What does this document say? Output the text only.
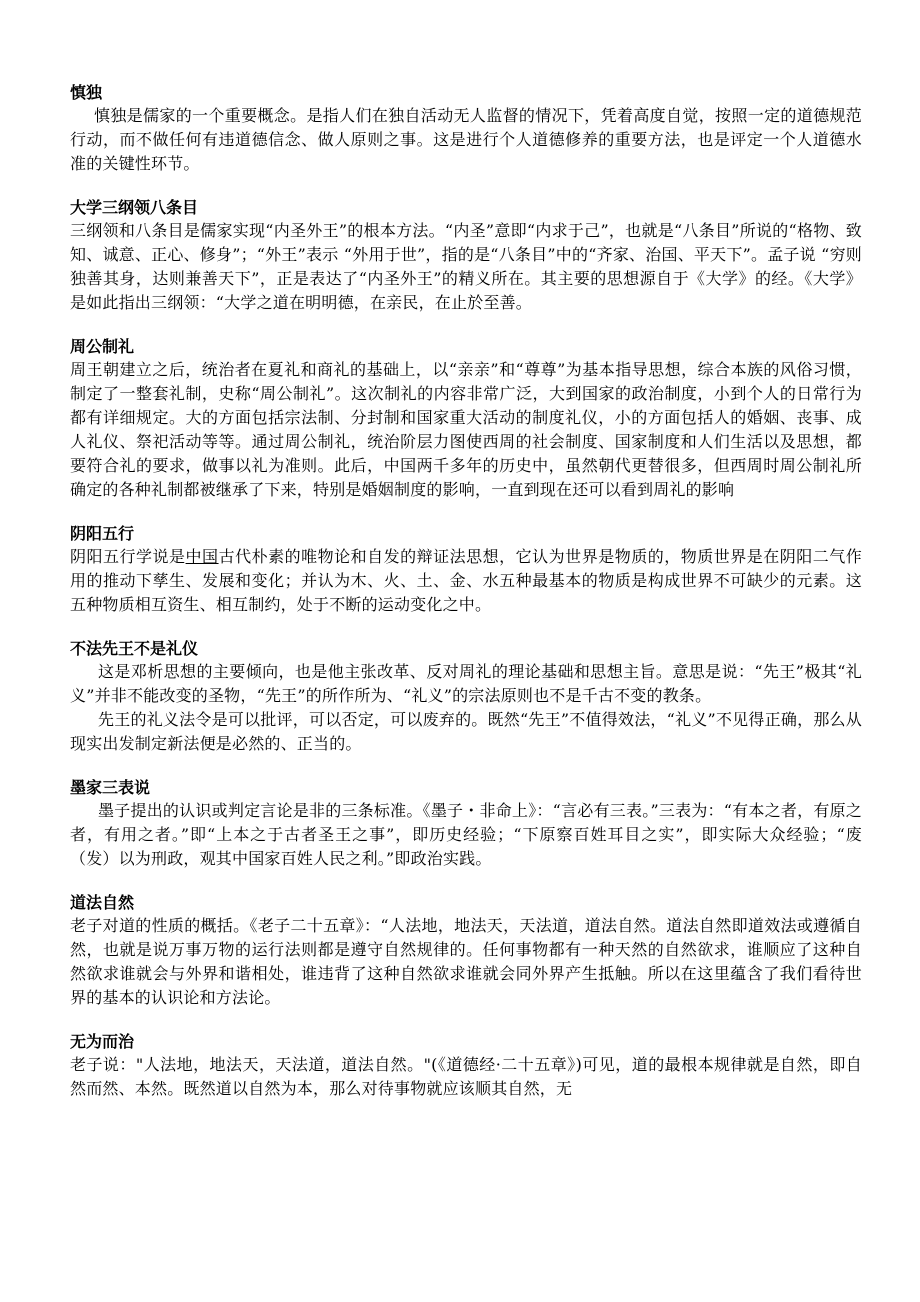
慎独

慎独是儒家的一个重要概念。是指人们在独自活动无人监督的情况下，凭着高度自觉，按照一定的道德规范行动，而不做任何有违道德信念、做人原则之事。这是进行个人道德修养的重要方法，也是评定一个人道德水准的关键性环节。

大学三纲领八条目

三纲领和八条目是儒家实现“内圣外王”的根本方法。“内圣”意即“内求于己”，也就是“八条目”所说的“格物、致知、诚意、正心、修身”；“外王”表示 “外用于世”，指的是“八条目”中的“齐家、治国、平天下”。孟子说 “穷则独善其身，达则兼善天下”，正是表达了“内圣外王”的精义所在。其主要的思想源自于《大学》的经。《大学》是如此指出三纲领：“大学之道在明明德，在亲民，在止於至善。

周公制礼

周王朝建立之后，统治者在夏礼和商礼的基础上，以“亲亲”和“尊尊”为基本指导思想，综合本族的风俗习惯，制定了一整套礼制，史称“周公制礼”。这次制礼的内容非常广泛，大到国家的政治制度，小到个人的日常行为都有详细规定。大的方面包括宗法制、分封制和国家重大活动的制度礼仪，小的方面包括人的婚姻、丧事、成人礼仪、祭祀活动等等。通过周公制礼，统治阶层力图使西周的社会制度、国家制度和人们生活以及思想，都要符合礼的要求，做事以礼为准则。此后，中国两千多年的历史中，虽然朝代更替很多，但西周时周公制礼所确定的各种礼制都被继承了下来，特别是婚姻制度的影响，一直到现在还可以看到周礼的影响

阴阳五行

阴阳五行学说是中国古代朴素的唯物论和自发的辩证法思想，它认为世界是物质的，物质世界是在阴阳二气作用的推动下孳生、发展和变化；并认为木、火、土、金、水五种最基本的物质是构成世界不可缺少的元素。这五种物质相互资生、相互制约，处于不断的运动变化之中。

不法先王不是礼仪

这是邓析思想的主要倾向，也是他主张改革、反对周礼的理论基础和思想主旨。意思是说：“先王”极其“礼义”并非不能改变的圣物，“先王”的所作所为、“礼义”的宗法原则也不是千古不变的教条。

先王的礼义法令是可以批评，可以否定，可以废弃的。既然“先王”不值得效法，“礼义”不见得正确，那么从现实出发制定新法便是必然的、正当的。

墨家三表说

墨子提出的认识或判定言论是非的三条标准。《墨子・非命上》：“言必有三表。”三表为：“有本之者，有原之者，有用之者。”即“上本之于古者圣王之事”，即历史经验；“下原察百姓耳目之实”，即实际大众经验；“废（发）以为刑政，观其中国家百姓人民之利。”即政治实践。

道法自然

老子对道的性质的概括。《老子二十五章》：“人法地，地法天，天法道，道法自然。道法自然即道效法或遵循自然，也就是说万事万物的运行法则都是遵守自然规律的。任何事物都有一种天然的自然欲求，谁顺应了这种自然欲求谁就会与外界和谐相处，谁违背了这种自然欲求谁就会同外界产生抵触。所以在这里蕴含了我们看待世界的基本的认识论和方法论。

无为而治

老子说："人法地，地法天，天法道，道法自然。"(《道德经·二十五章》)可见，道的最根本规律就是自然，即自然而然、本然。既然道以自然为本，那么对待事物就应该顺其自然，无
